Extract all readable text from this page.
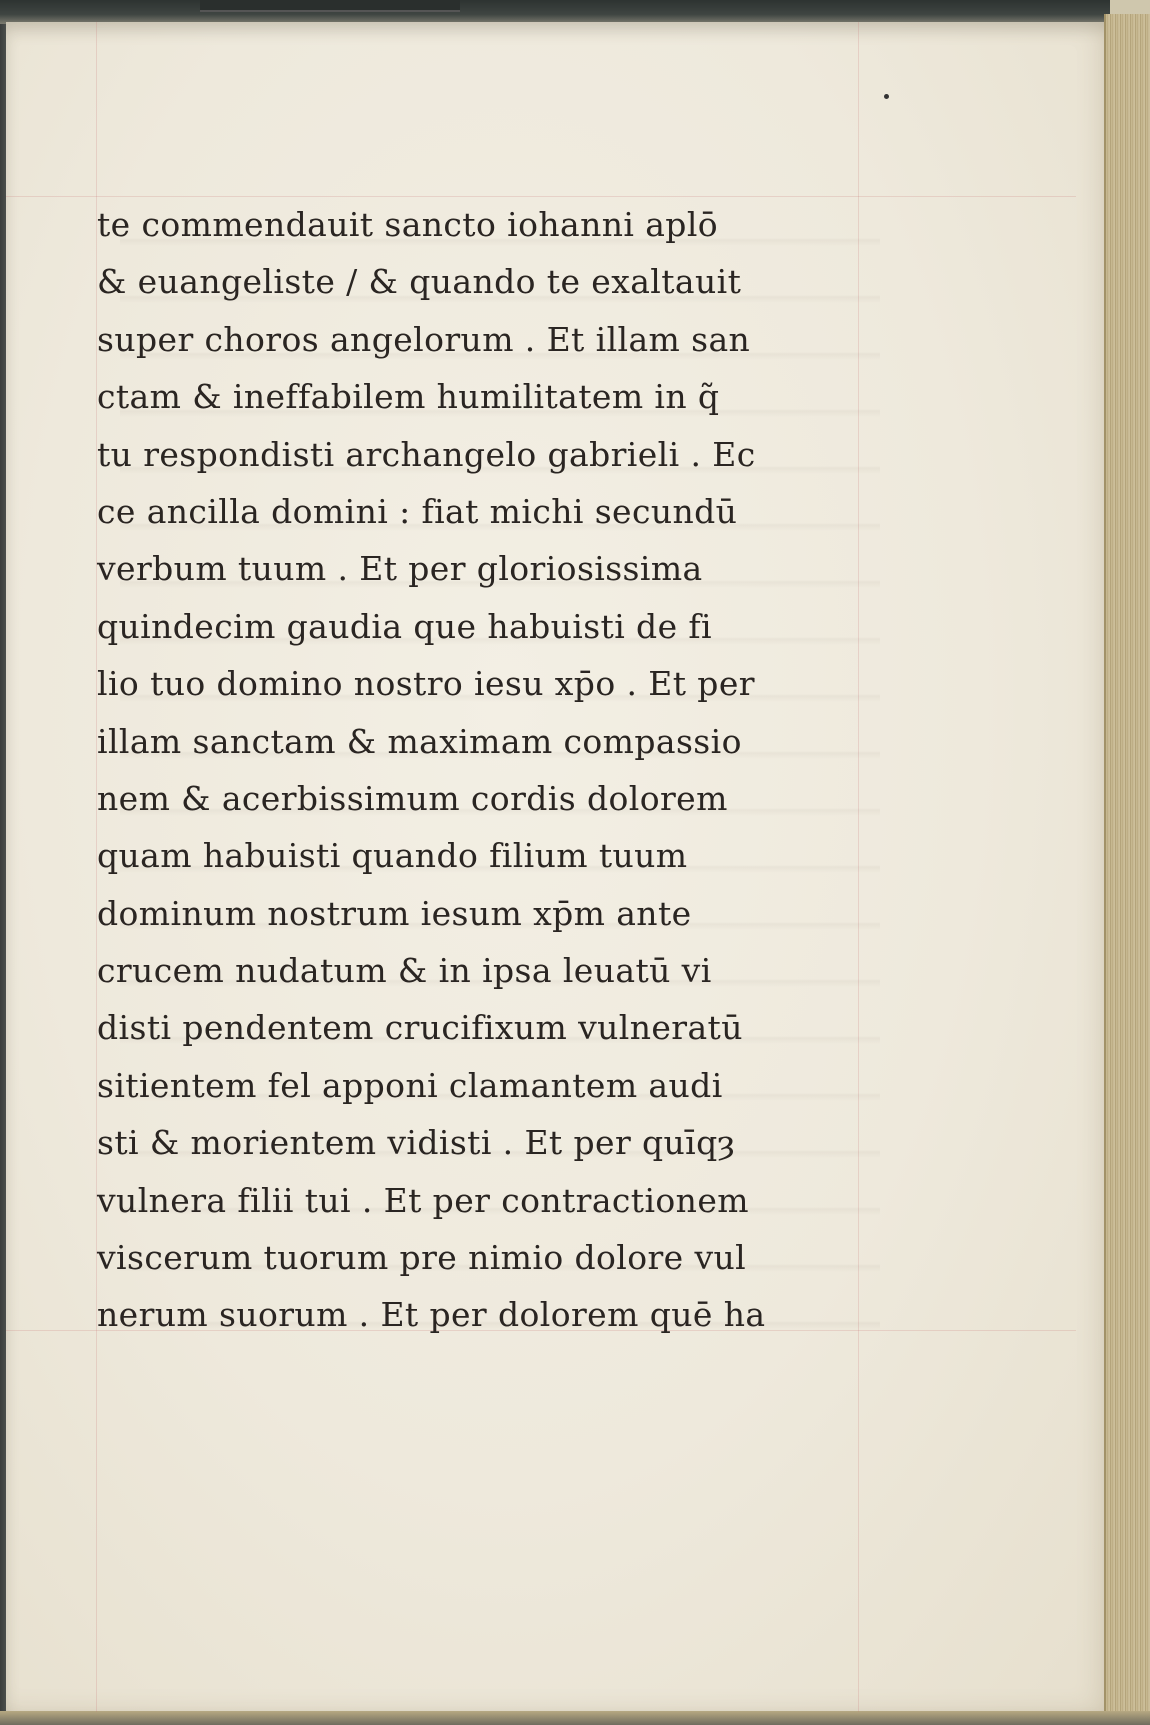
te commendauit sancto iohanni aplō
& euangeliste / & quando te exaltauit
super choros angelorum . Et illam san
ctam & ineffabilem humilitatem in q̃
tu respondisti archangelo gabrieli . Ec
ce ancilla domini : fiat michi secundū
verbum tuum . Et per gloriosissima
quindecim gaudia que habuisti de fi
lio tuo domino nostro iesu xp̄o . Et per
illam sanctam & maximam compassio
nem & acerbissimum cordis dolorem
quam habuisti quando filium tuum
dominum nostrum iesum xp̄m ante
crucem nudatum & in ipsa leuatū vi
disti pendentem crucifixum vulneratū
sitientem fel apponi clamantem audi
sti & morientem vidisti . Et per quīqȝ
vulnera filii tui . Et per contractionem
viscerum tuorum pre nimio dolore vul
nerum suorum . Et per dolorem quē ha
